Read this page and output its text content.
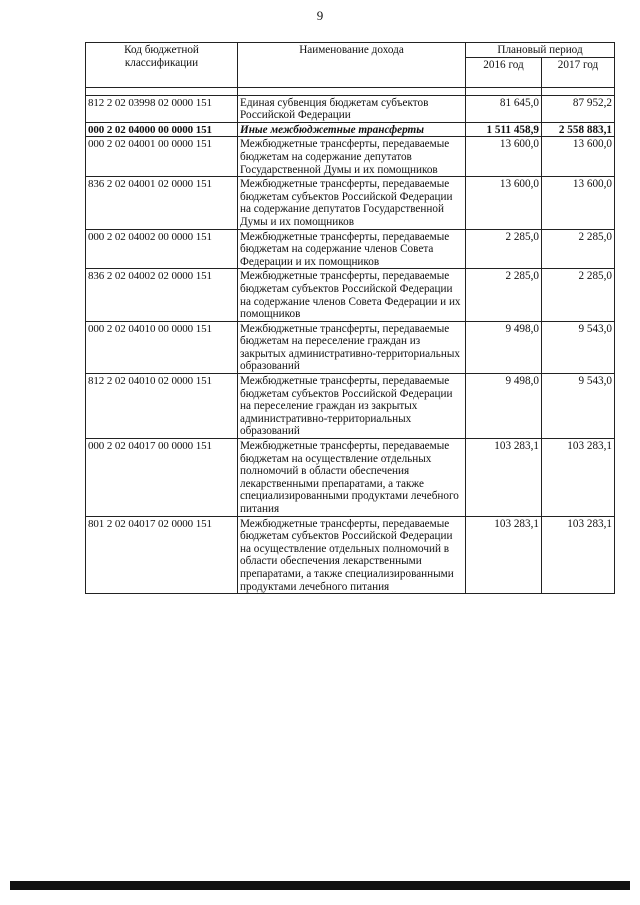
9
Код бюджетной классификации	Наименование дохода	Плановый период	
		2016 год	2017 год

812 2 02 03998 02 0000 151	Единая субвенция бюджетам субъектов Российской Федерации	81 645,0	87 952,2
000 2 02 04000 00 0000 151	Иные межбюджетные трансферты	1 511 458,9	2 558 883,1
000 2 02 04001 00 0000 151	Межбюджетные трансферты, передаваемые бюджетам на содержание депутатов Государственной Думы и их помощников	13 600,0	13 600,0
836 2 02 04001 02 0000 151	Межбюджетные трансферты, передаваемые бюджетам субъектов Российской Федерации на содержание депутатов Государственной Думы и их помощников	13 600,0	13 600,0
000 2 02 04002 00 0000 151	Межбюджетные трансферты, передаваемые бюджетам на содержание членов Совета Федерации и их помощников	2 285,0	2 285,0
836 2 02 04002 02 0000 151	Межбюджетные трансферты, передаваемые бюджетам субъектов Российской Федерации на содержание членов Совета Федерации и их помощников	2 285,0	2 285,0
000 2 02 04010 00 0000 151	Межбюджетные трансферты, передаваемые бюджетам на переселение граждан из закрытых административно-территориальных образований	9 498,0	9 543,0
812 2 02 04010 02 0000 151	Межбюджетные трансферты, передаваемые бюджетам субъектов Российской Федерации на переселение граждан из закрытых административно-территориальных образований	9 498,0	9 543,0
000 2 02 04017 00 0000 151	Межбюджетные трансферты, передаваемые бюджетам на осуществление отдельных полномочий в области обеспечения лекарственными препаратами, а также специализированными продуктами лечебного питания	103 283,1	103 283,1
801 2 02 04017 02 0000 151	Межбюджетные трансферты, передаваемые бюджетам субъектов Российской Федерации на осуществление отдельных полномочий в области обеспечения лекарственными препаратами, а также специализированными продуктами лечебного питания	103 283,1	103 283,1
